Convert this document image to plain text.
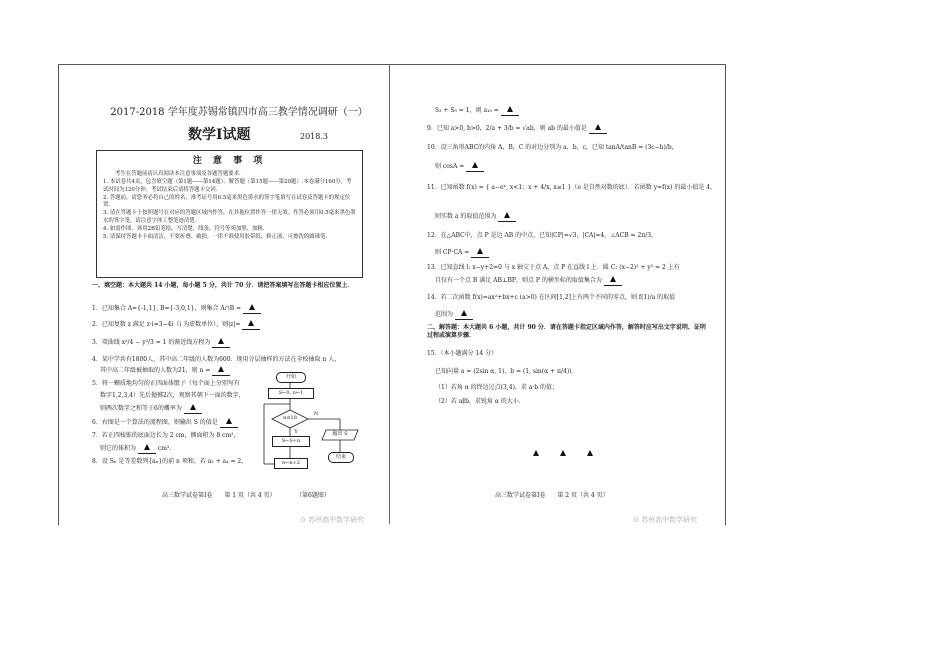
2017-2018 学年度苏锡常镇四市高三教学情况调研（一）
数学Ⅰ试题	2018.3
注 意 事 项

考生在答题前请认真阅读本注意事项及各题答题要求.

1. 本试卷共4页，包含填空题（第1题——第14题）、解答题（第15题——第20题）.本卷满分160分，考试时间为120分钟。考试结束后请将答题卡交回.

2. 答题前，请您务必将自己的姓名、准考证号用0.5毫米黑色墨水的签字笔填写在试卷及答题卡的规定位置.

3. 请在答题卡上按照题号在对应的答题区域内作答，在其他位置作答一律无效。作答必须用0.5毫米黑色墨水的签字笔。请注意字体工整笔迹清楚.

4. 如需作图，须用2B铅笔绘、写清楚，线条、符号等须加黑、加粗.

5. 请保持答题卡卡面清洁，不要折叠、破损。一律不准使用胶带纸、修正液、可擦洗的圆珠笔.

一、填空题：本大题共 14 小题，每小题 5 分，共计 70 分．请把答案填写在答题卡相应位置上．
1．已知集合 A={-1,1}, B={-3,0,1}，则集合 A∩B =
2．已知复数 z 满足 z·i=3−4i（i 为虚数单位），则|z|=
3．双曲线 x²/4 − y²/3 = 1 的渐近线方程为
4．某中学共有1800人，其中高二年级的人数为600．现用分层抽样的方法在全校抽取 n 人，
其中高二年级被抽取的人数为21，则 n =
5．将一颗质地均匀的正四面体骰子（每个面上分别写有
数字1,2,3,4）先后抛掷2次，观察其朝下一面的数字，
则两次数字之和等于6的概率为
6．右图是一个算法的流程图，则输出 S 的值是
7．若正四棱锥的底面边长为 2 cm，侧面积为 8 cm²，
则它的体积为	cm³.
8．设 Sₙ 是等差数列{aₙ}的前 n 项和，若 a₂ + a₄ = 2，
开始
S←0, n←1
n≤18
N
Y	输出 S
S←S+n
n←n+2
结束
高三数学试卷第Ⅰ卷　　第 1 页（共 4 页）	（第6题图）
⊙ 苏州高中数学研究
S₂ + S₅ = 1，则 a₁₀ =
9．已知 a>0, b>0，2/a + 3/b = √ab，则 ab 的最小值是
10．设三角形ABC的内角 A，B，C 的对边分别为 a，b，c，已知 tanA/tanB = (3c−b)/b，
则 cosA =
11．已知函数 f(x) = { a−eˣ, x<1；x + 4/x, x≥1 }（e 是自然对数的底）．若函数 y=f(x) 的最小值是 4，
则实数 a 的取值范围为
12．在△ABC中，点 P 是边 AB 的中点，已知|CP|=√3，|CA|=4，∠ACB = 2π/3，
则 CP·CA =
13．已知直线 l: x−y+2=0 与 x 轴交于点 A，点 P 在直线 l 上．圆 C: (x−2)² + y² = 2 上有
且仅有一个点 B 满足 AB⊥BP，则点 P 的横坐标的取值集合为
14．若二次函数 f(x)=ax²+bx+c (a>0) 在区间[1,2]上有两个不同的零点，则 f(1)/a 的取值
范围为
二、解答题：本大题共 6 小题，共计 90 分．请在答题卡指定区域内作答，解答时应写出文字说明、证明过程或演算步骤．
15．（本小题满分 14 分）
已知向量 a = (2sin α, 1)，b = (1, sin(α + π/4))．
（1）若角 α 的终边过点(3,4)，求 a·b 的值；
（2）若 a∥b，求锐角 α 的大小．
高三数学试卷第Ⅰ卷　　第 2 页（共 4 页）
⊙ 苏州高中数学研究
